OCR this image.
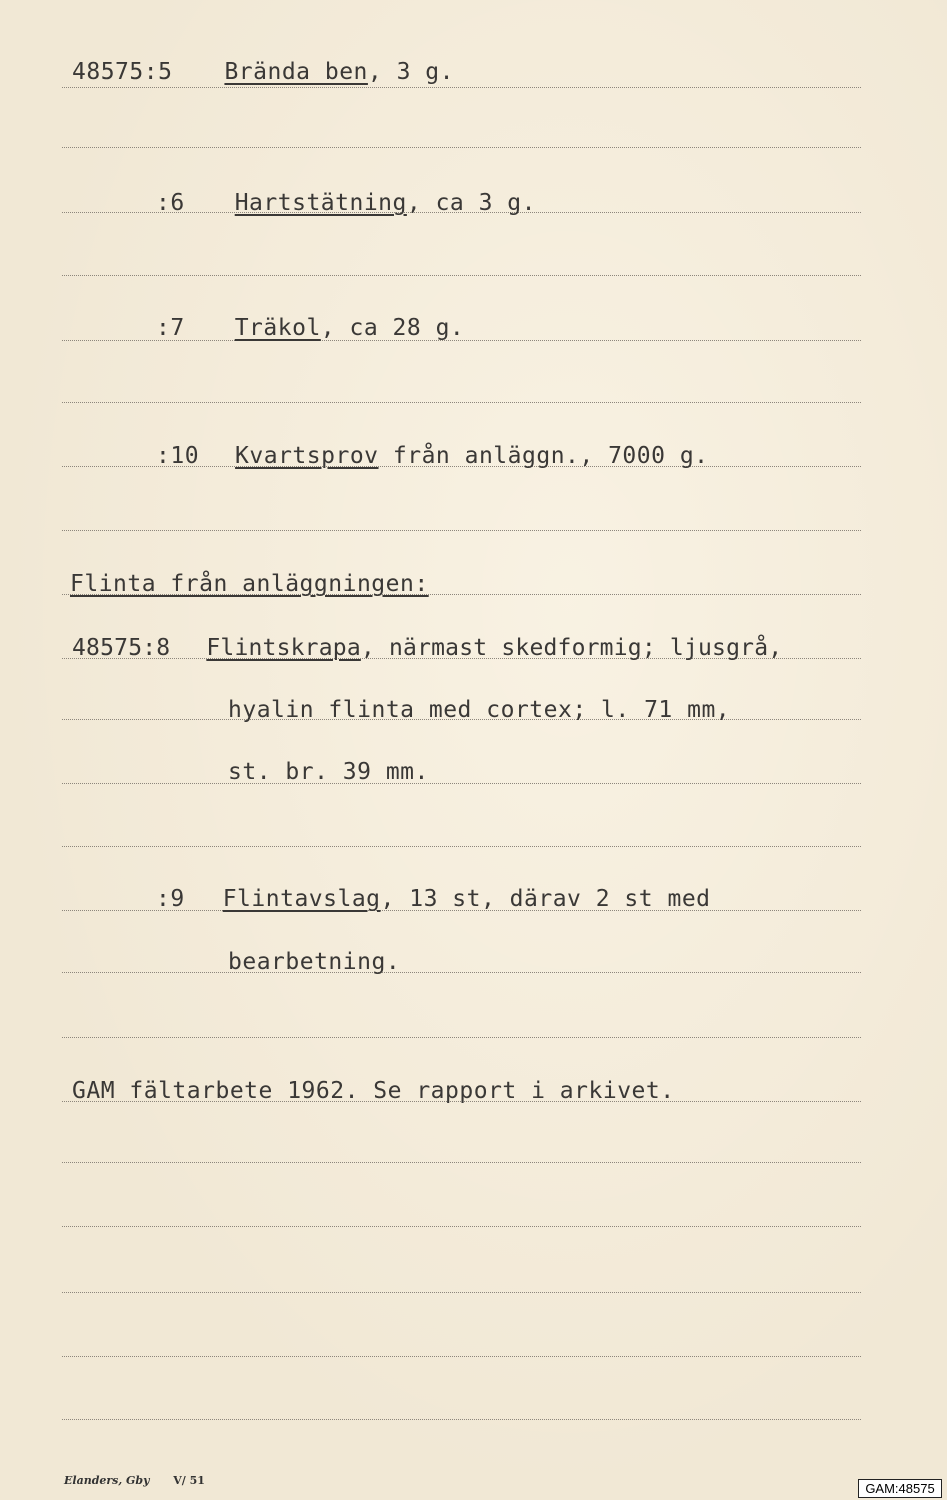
48575:5 Brända ben, 3 g.
:6 Hartstätning, ca 3 g.
:7 Träkol, ca 28 g.
:10 Kvartsprov från anläggn., 7000 g.
Flinta från anläggningen:
48575:8 Flintskrapa, närmast skedformig; ljusgrå,
hyalin flinta med cortex; l. 71 mm,
st. br. 39 mm.
:9 Flintavslag, 13 st, därav 2 st med
bearbetning.
GAM fältarbete 1962. Se rapport i arkivet.
Elanders, Gby V/ 51
GAM:48575
